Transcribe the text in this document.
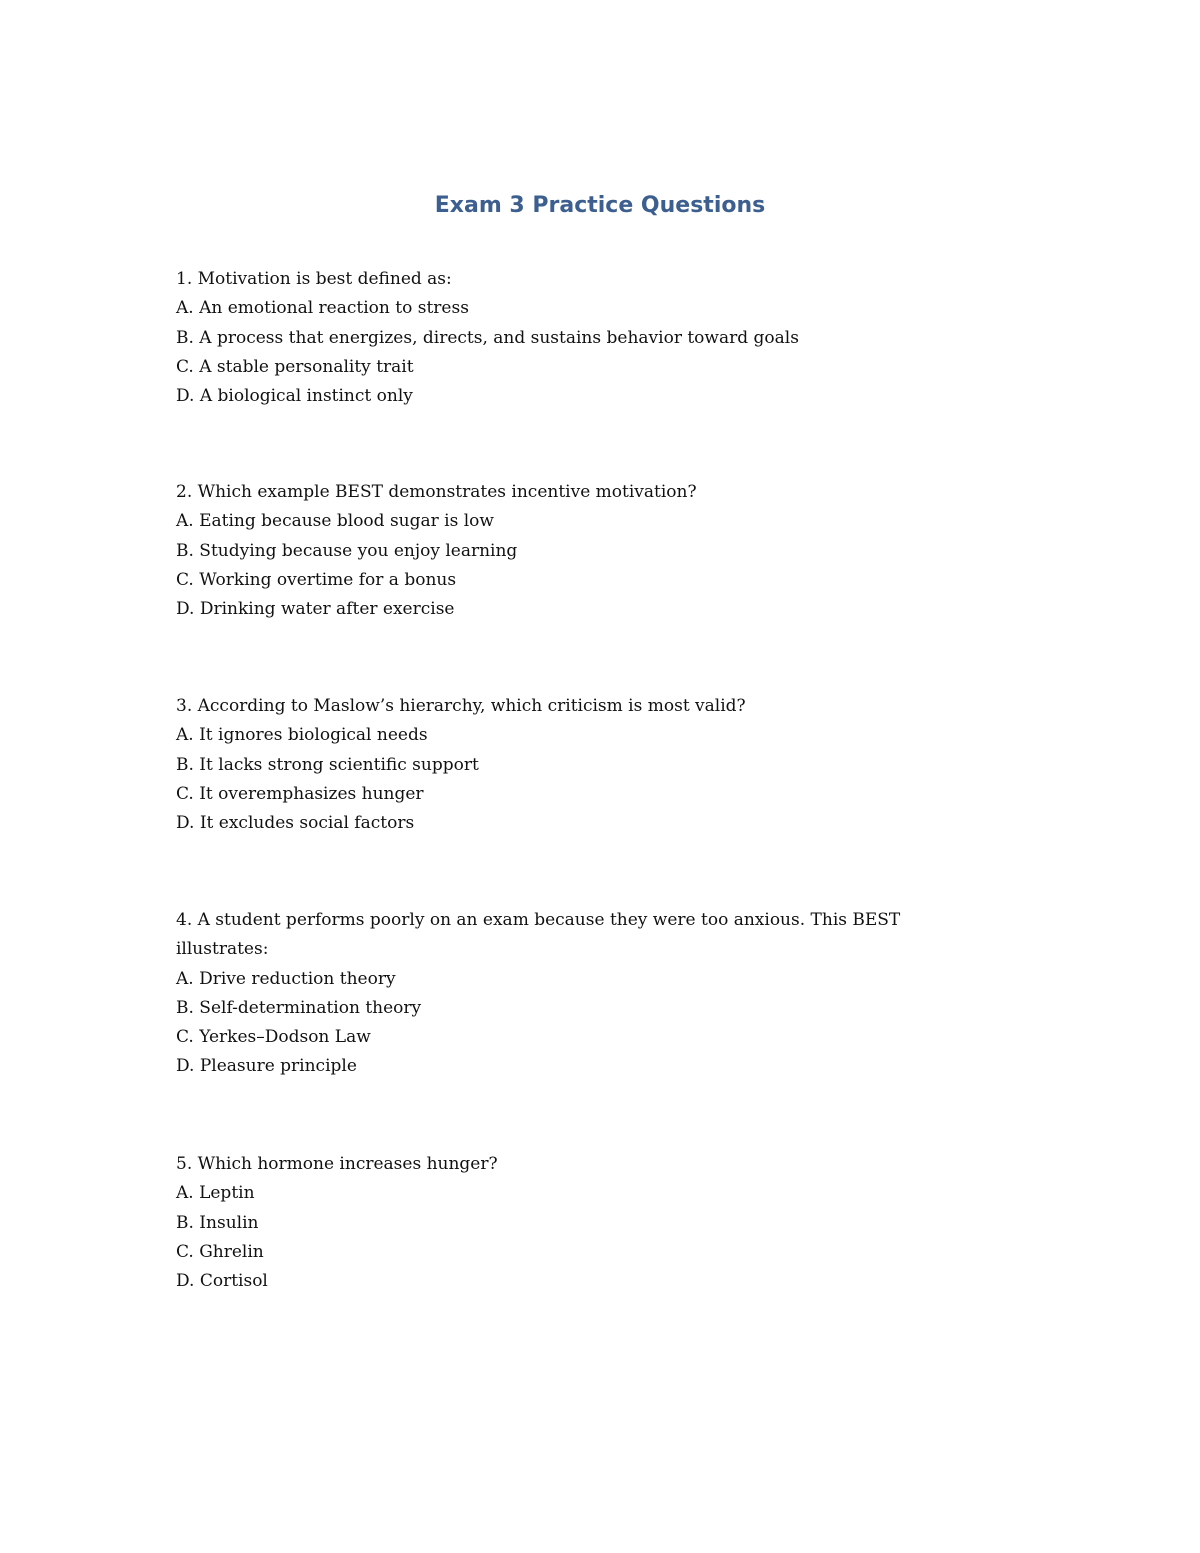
Exam 3 Practice Questions
1. Motivation is best defined as:
A. An emotional reaction to stress
B. A process that energizes, directs, and sustains behavior toward goals
C. A stable personality trait
D. A biological instinct only
2. Which example BEST demonstrates incentive motivation?
A. Eating because blood sugar is low
B. Studying because you enjoy learning
C. Working overtime for a bonus
D. Drinking water after exercise
3. According to Maslow’s hierarchy, which criticism is most valid?
A. It ignores biological needs
B. It lacks strong scientific support
C. It overemphasizes hunger
D. It excludes social factors
4. A student performs poorly on an exam because they were too anxious. This BEST
illustrates:
A. Drive reduction theory
B. Self-determination theory
C. Yerkes–Dodson Law
D. Pleasure principle
5. Which hormone increases hunger?
A. Leptin
B. Insulin
C. Ghrelin
D. Cortisol
